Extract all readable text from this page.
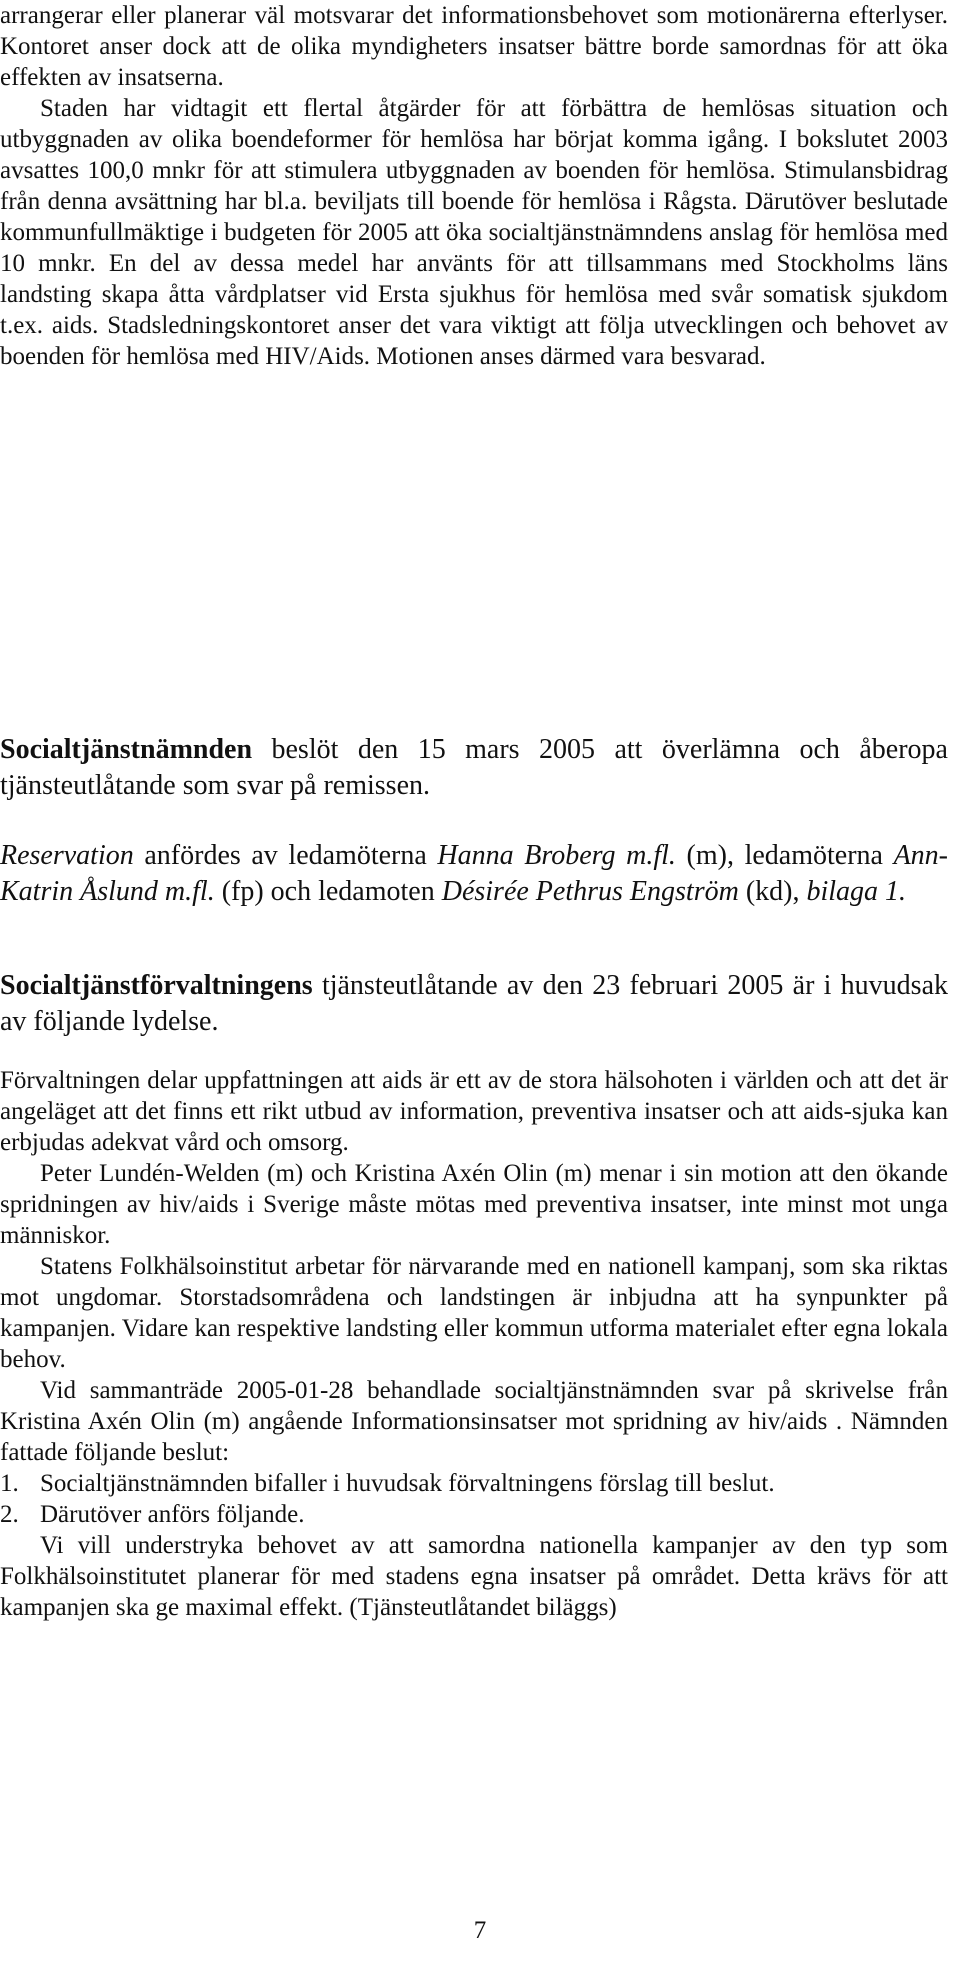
arrangerar eller planerar väl motsvarar det informationsbehovet som motionärerna efterlyser. Kontoret anser dock att de olika myndigheters insatser bättre borde samordnas för att öka effekten av insatserna.

Staden har vidtagit ett flertal åtgärder för att förbättra de hemlösas situation och utbyggnaden av olika boendeformer för hemlösa har börjat komma igång. I bokslutet 2003 avsattes 100,0 mnkr för att stimulera utbyggnaden av boenden för hemlösa. Stimulansbidrag från denna avsättning har bl.a. beviljats till boende för hemlösa i Rågsta. Därutöver beslutade kommunfullmäktige i budgeten för 2005 att öka socialtjänstnämndens anslag för hemlösa med 10 mnkr. En del av dessa medel har använts för att tillsammans med Stockholms läns landsting skapa åtta vårdplatser vid Ersta sjukhus för hemlösa med svår somatisk sjukdom t.ex. aids. Stadsledningskontoret anser det vara viktigt att följa utvecklingen och behovet av boenden för hemlösa med HIV/Aids. Motionen anses därmed vara besvarad.

Socialtjänstnämnden beslöt den 15 mars 2005 att överlämna och åberopa tjänsteutlåtande som svar på remissen.

Reservation anfördes av ledamöterna Hanna Broberg m.fl. (m), ledamöterna Ann-Katrin Åslund m.fl. (fp) och ledamoten Désirée Pethrus Engström (kd), bilaga 1.

Socialtjänstförvaltningens tjänsteutlåtande av den 23 februari 2005 är i huvudsak av följande lydelse.

Förvaltningen delar uppfattningen att aids är ett av de stora hälsohoten i världen och att det är angeläget att det finns ett rikt utbud av information, preventiva insatser och att aids-sjuka kan erbjudas adekvat vård och omsorg.

Peter Lundén-Welden (m) och Kristina Axén Olin (m) menar i sin motion att den ökande spridningen av hiv/aids i Sverige måste mötas med preventiva insatser, inte minst mot unga människor.

Statens Folkhälsoinstitut arbetar för närvarande med en nationell kampanj, som ska riktas mot ungdomar. Storstadsområdena och landstingen är inbjudna att ha synpunkter på kampanjen. Vidare kan respektive landsting eller kommun utforma materialet efter egna lokala behov.

Vid sammanträde 2005-01-28 behandlade socialtjänstnämnden svar på skrivelse från Kristina Axén Olin (m) angående Informationsinsatser mot spridning av hiv/aids . Nämnden fattade följande beslut:

1. Socialtjänstnämnden bifaller i huvudsak förvaltningens förslag till beslut.

2. Därutöver anförs följande.

Vi vill understryka behovet av att samordna nationella kampanjer av den typ som Folkhälsoinstitutet planerar för med stadens egna insatser på området. Detta krävs för att kampanjen ska ge maximal effekt. (Tjänsteutlåtandet biläggs)

7
